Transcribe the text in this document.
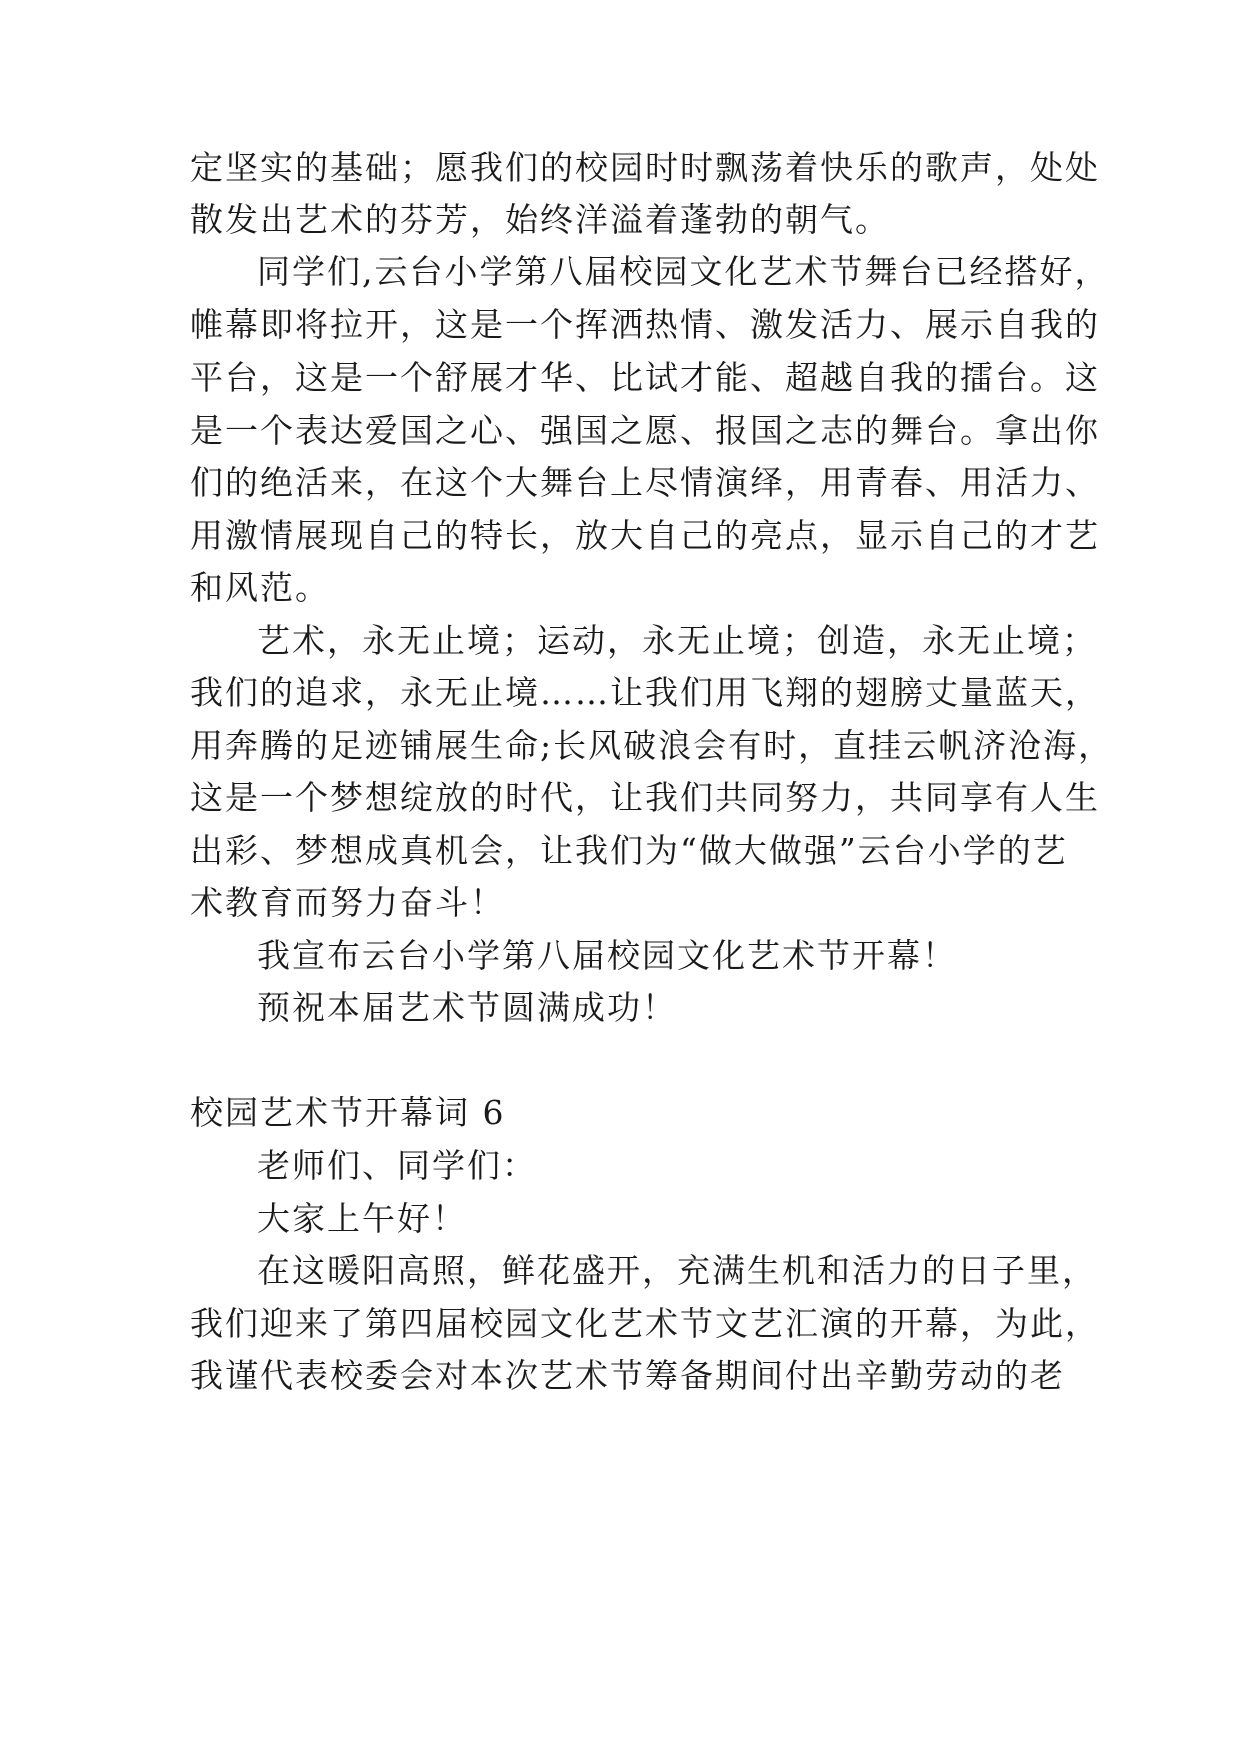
定坚实的基础；愿我们的校园时时飘荡着快乐的歌声，处处
散发出艺术的芬芳，始终洋溢着蓬勃的朝气。
同学们,云台小学第八届校园文化艺术节舞台已经搭好，
帷幕即将拉开，这是一个挥洒热情、激发活力、展示自我的
平台，这是一个舒展才华、比试才能、超越自我的擂台。这
是一个表达爱国之心、强国之愿、报国之志的舞台。拿出你
们的绝活来，在这个大舞台上尽情演绎，用青春、用活力、
用激情展现自己的特长，放大自己的亮点，显示自己的才艺
和风范。
艺术，永无止境；运动，永无止境；创造，永无止境；
我们的追求，永无止境……让我们用飞翔的翅膀丈量蓝天，
用奔腾的足迹铺展生命;长风破浪会有时，直挂云帆济沧海，
这是一个梦想绽放的时代，让我们共同努力，共同享有人生
出彩、梦想成真机会，让我们为“做大做强”云台小学的艺
术教育而努力奋斗！
我宣布云台小学第八届校园文化艺术节开幕！
预祝本届艺术节圆满成功！
校园艺术节开幕词 6
老师们、同学们：
大家上午好！
在这暖阳高照，鲜花盛开，充满生机和活力的日子里，
我们迎来了第四届校园文化艺术节文艺汇演的开幕，为此，
我谨代表校委会对本次艺术节筹备期间付出辛勤劳动的老
